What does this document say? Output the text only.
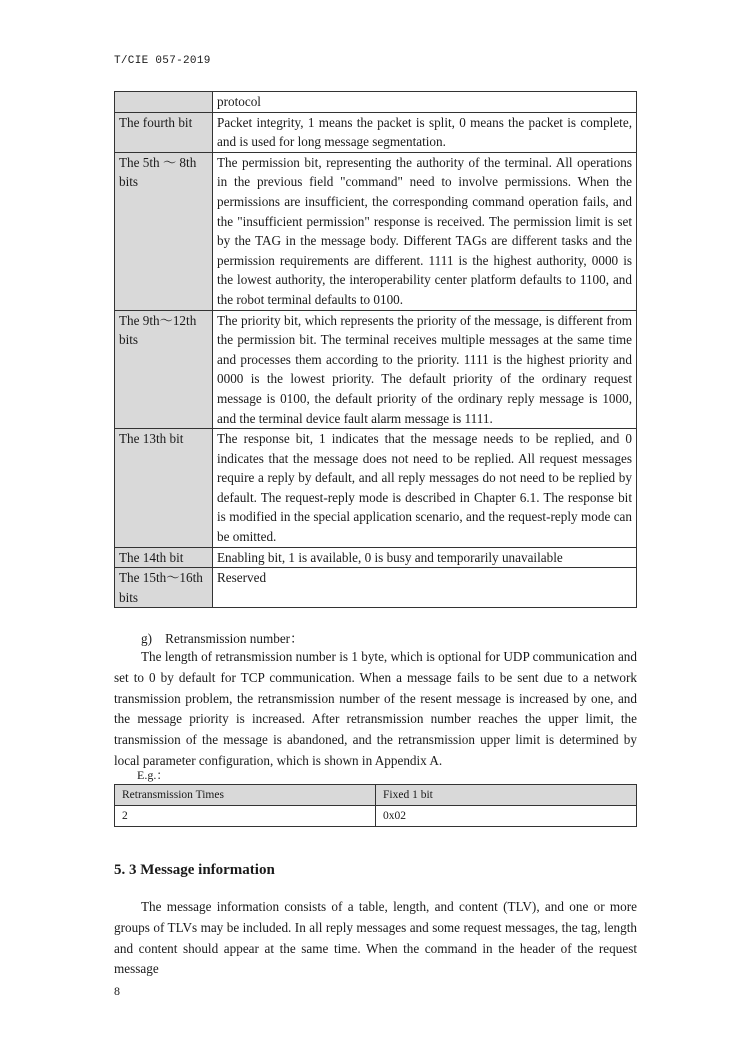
T/CIE 057-2019
	protocol
The fourth bit	Packet integrity, 1 means the packet is split, 0 means the packet is complete, and is used for long message segmentation.
The 5th ～ 8th bits	The permission bit, representing the authority of the terminal. All operations in the previous field "command" need to involve permissions. When the permissions are insufficient, the corresponding command operation fails, and the "insufficient permission" response is received. The permission limit is set by the TAG in the message body. Different TAGs are different tasks and the permission requirements are different. 1111 is the highest authority, 0000 is the lowest authority, the interoperability center platform defaults to 1100, and the robot terminal defaults to 0100.
The 9th～12th bits	The priority bit, which represents the priority of the message, is different from the permission bit. The terminal receives multiple messages at the same time and processes them according to the priority. 1111 is the highest priority and 0000 is the lowest priority. The default priority of the ordinary request message is 0100, the default priority of the ordinary reply message is 1000, and the terminal device fault alarm message is 1111.
The 13th bit	The response bit, 1 indicates that the message needs to be replied, and 0 indicates that the message does not need to be replied. All request messages require a reply by default, and all reply messages do not need to be replied by default. The request-reply mode is described in Chapter 6.1. The response bit is modified in the special application scenario, and the request-reply mode can be omitted.
The 14th bit	Enabling bit, 1 is available, 0 is busy and temporarily unavailable
The 15th～16th bits	Reserved
g)　Retransmission number：

The length of retransmission number is 1 byte, which is optional for UDP communication and set to 0 by default for TCP communication. When a message fails to be sent due to a network transmission problem, the retransmission number of the resent message is increased by one, and the message priority is increased. After retransmission number reaches the upper limit, the transmission of the message is abandoned, and the retransmission upper limit is determined by local parameter configuration, which is shown in Appendix A.

E.g.：
Retransmission Times	Fixed 1 bit
2	0x02
5. 3 Message information

The message information consists of a table, length, and content (TLV), and one or more groups of TLVs may be included. In all reply messages and some request messages, the tag, length and content should appear at the same time. When the command in the header of the request message

8
